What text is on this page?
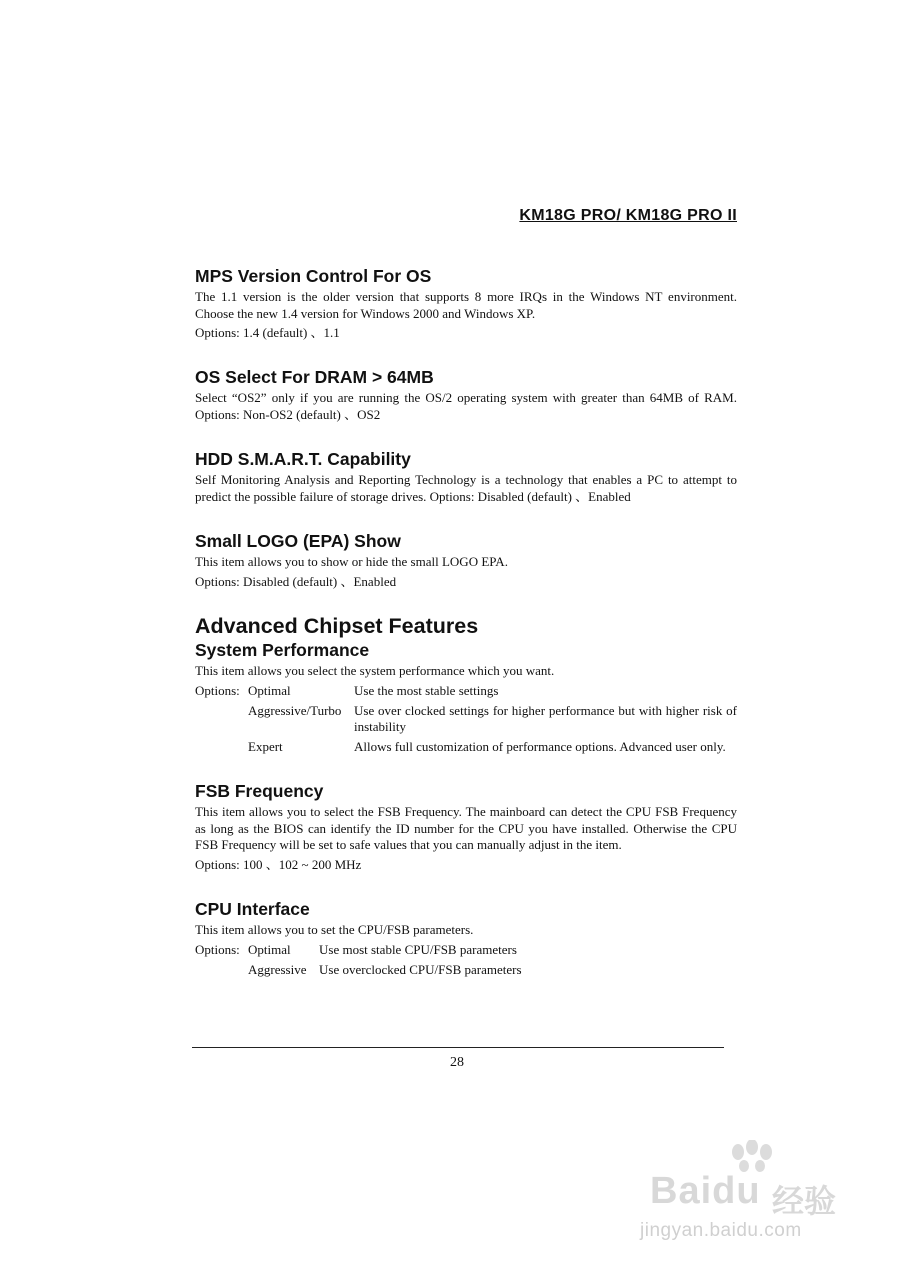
KM18G PRO/ KM18G PRO II
MPS Version Control For OS

The 1.1 version is the older version that supports 8 more IRQs in the Windows NT environment. Choose the new 1.4 version for Windows 2000 and Windows XP.

Options: 1.4 (default) 、1.1

OS Select For DRAM > 64MB

Select “OS2” only if you are running the OS/2 operating system with greater than 64MB of RAM. Options: Non-OS2 (default) 、OS2

HDD S.M.A.R.T. Capability

Self Monitoring Analysis and Reporting Technology is a technology that enables a PC to attempt to predict the possible failure of storage drives. Options: Disabled (default) 、Enabled

Small LOGO (EPA) Show

This item allows you to show or hide the small LOGO EPA.

Options: Disabled (default) 、Enabled

Advanced Chipset Features
System Performance

This item allows you select the system performance which you want.

Options:	Optimal	Use the most stable settings
	Aggressive/Turbo	Use over clocked settings for higher performance but with higher risk of instability
	Expert	Allows full customization of performance options. Advanced user only.
FSB Frequency

This item allows you to select the FSB Frequency. The mainboard can detect the CPU FSB Frequency as long as the BIOS can identify the ID number for the CPU you have installed. Otherwise the CPU FSB Frequency will be set to safe values that you can manually adjust in the item.

Options: 100 、102 ~ 200 MHz

CPU Interface

This item allows you to set the CPU/FSB parameters.

Options:	Optimal	Use most stable CPU/FSB parameters
	Aggressive	Use overclocked CPU/FSB parameters
28
Baidu 经验
jingyan.baidu.com
